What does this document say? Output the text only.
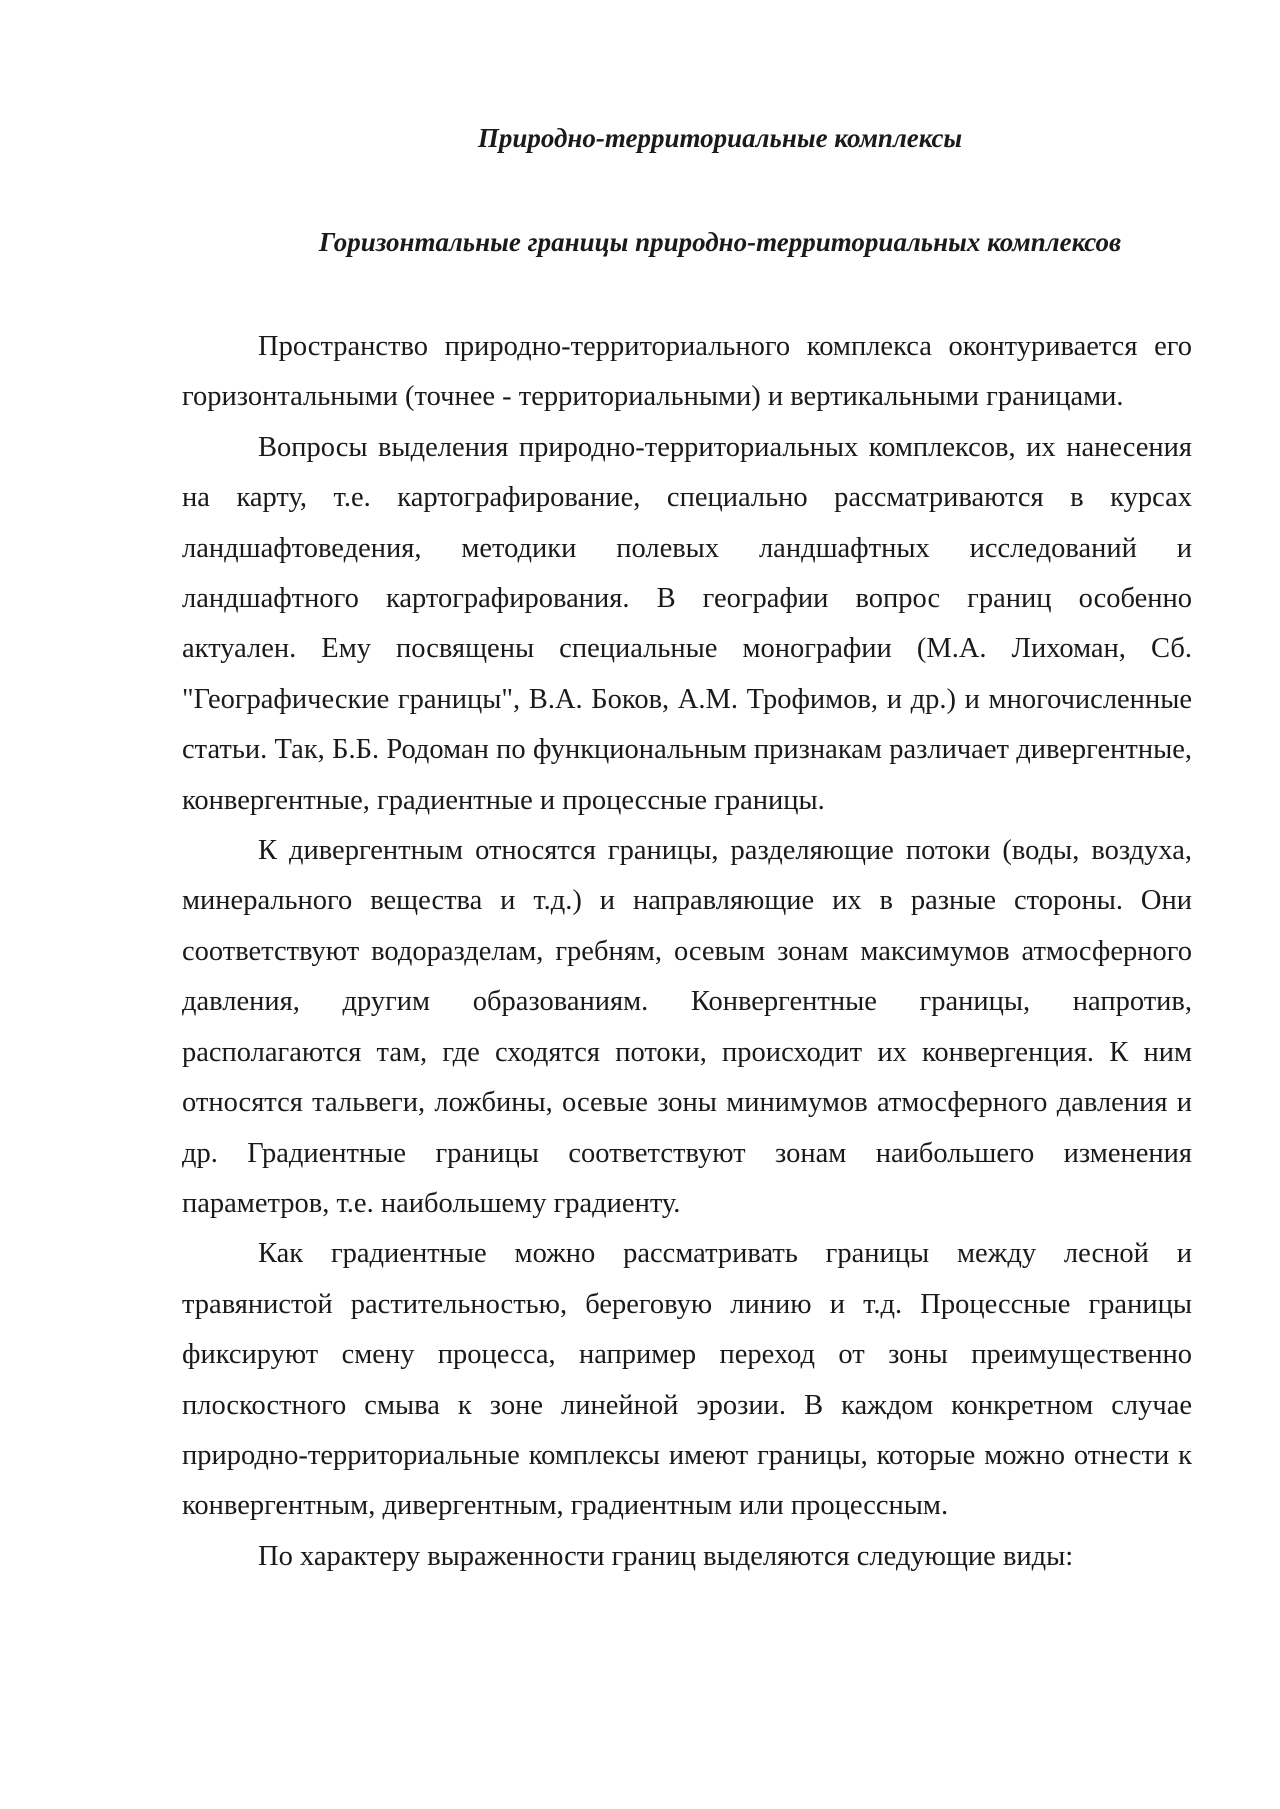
Природно-территориальные комплексы
Горизонтальные границы природно-территориальных комплексов

Пространство природно-территориального комплекса оконтуривается его горизонтальными (точнее - территориальными) и вертикальными границами.

Вопросы выделения природно-территориальных комплексов, их нанесения на карту, т.е. картографирование, специально рассматриваются в курсах ландшафтоведения, методики полевых ландшафтных исследований и ландшафтного картографирования. В географии вопрос границ особенно актуален. Ему посвящены специальные монографии (М.А. Лихоман, Сб. "Географические границы", В.А. Боков, А.М. Трофимов, и др.) и многочисленные статьи. Так, Б.Б. Родоман по функциональным признакам различает дивергентные, конвергентные, градиентные и процессные границы.

К дивергентным относятся границы, разделяющие потоки (воды, воздуха, минерального вещества и т.д.) и направляющие их в разные стороны. Они соответствуют водоразделам, гребням, осевым зонам максимумов атмосферного давления, другим образованиям. Конвергентные границы, напротив, располагаются там, где сходятся потоки, происходит их конвергенция. К ним относятся тальвеги, ложбины, осевые зоны минимумов атмосферного давления и др. Градиентные границы соответствуют зонам наибольшего изменения параметров, т.е. наибольшему градиенту.

Как градиентные можно рассматривать границы между лесной и травянистой растительностью, береговую линию и т.д. Процессные границы фиксируют смену процесса, например переход от зоны преимущественно плоскостного смыва к зоне линейной эрозии. В каждом конкретном случае природно-территориальные комплексы имеют границы, которые можно отнести к конвергентным, дивергентным, градиентным или процессным.

По характеру выраженности границ выделяются следующие виды:
